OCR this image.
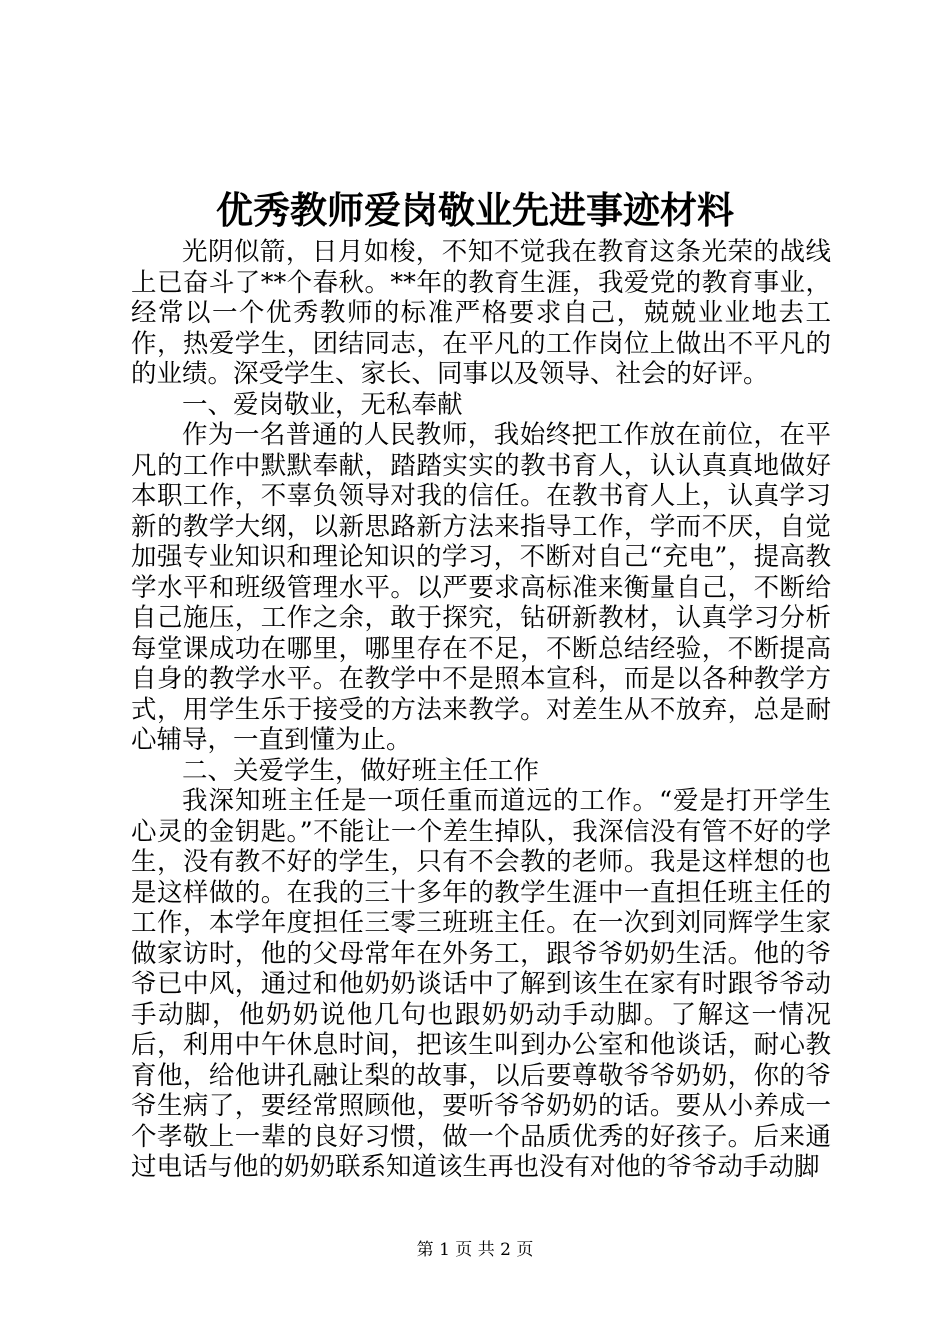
优秀教师爱岗敬业先进事迹材料

光阴似箭，日月如梭，不知不觉我在教育这条光荣的战线上已奋斗了**个春秋。**年的教育生涯，我爱党的教育事业，经常以一个优秀教师的标准严格要求自己，兢兢业业地去工作，热爱学生，团结同志，在平凡的工作岗位上做出不平凡的的业绩。深受学生、家长、同事以及领导、社会的好评。

一、爱岗敬业，无私奉献

作为一名普通的人民教师，我始终把工作放在前位，在平凡的工作中默默奉献，踏踏实实的教书育人，认认真真地做好本职工作，不辜负领导对我的信任。在教书育人上，认真学习新的教学大纲，以新思路新方法来指导工作，学而不厌，自觉加强专业知识和理论知识的学习，不断对自己“充电”，提高教学水平和班级管理水平。以严要求高标准来衡量自己，不断给自己施压，工作之余，敢于探究，钻研新教材，认真学习分析每堂课成功在哪里，哪里存在不足，不断总结经验，不断提高自身的教学水平。在教学中不是照本宣科，而是以各种教学方式，用学生乐于接受的方法来教学。对差生从不放弃，总是耐心辅导，一直到懂为止。

二、关爱学生，做好班主任工作

我深知班主任是一项任重而道远的工作。“爱是打开学生心灵的金钥匙。”不能让一个差生掉队，我深信没有管不好的学生，没有教不好的学生，只有不会教的老师。我是这样想的也是这样做的。在我的三十多年的教学生涯中一直担任班主任的工作，本学年度担任三零三班班主任。在一次到刘同辉学生家做家访时，他的父母常年在外务工，跟爷爷奶奶生活。他的爷爷已中风，通过和他奶奶谈话中了解到该生在家有时跟爷爷动手动脚，他奶奶说他几句也跟奶奶动手动脚。了解这一情况后，利用中午休息时间，把该生叫到办公室和他谈话，耐心教育他，给他讲孔融让梨的故事，以后要尊敬爷爷奶奶，你的爷爷生病了，要经常照顾他，要听爷爷奶奶的话。要从小养成一个孝敬上一辈的良好习惯，做一个品质优秀的好孩子。后来通过电话与他的奶奶联系知道该生再也没有对他的爷爷动手动脚

第 1 页 共 2 页
